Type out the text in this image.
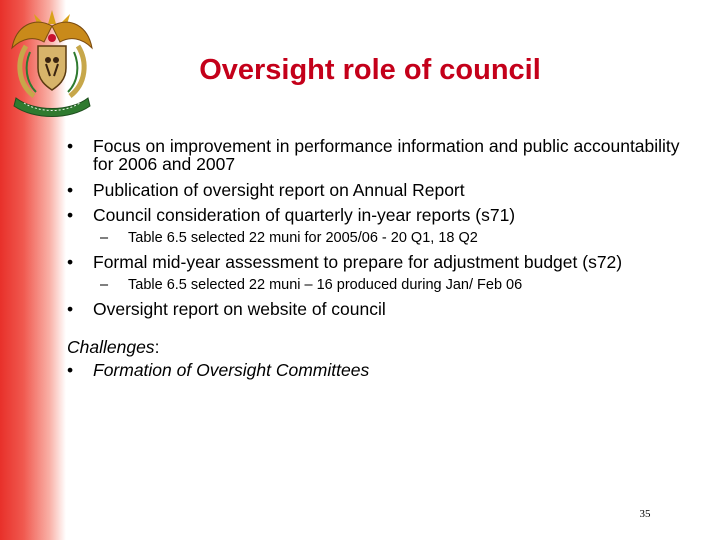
Oversight role of council
• Focus on improvement in performance information and public accountability for 2006 and 2007
• Publication of oversight report on Annual Report
• Council consideration of quarterly in-year reports (s71)
– Table 6.5 selected 22 muni for 2005/06 - 20 Q1, 18 Q2
• Formal mid-year assessment to prepare for adjustment budget (s72)
– Table 6.5 selected 22 muni – 16 produced during Jan/ Feb 06
• Oversight report on website of council
Challenges:
• Formation of Oversight Committees
35
